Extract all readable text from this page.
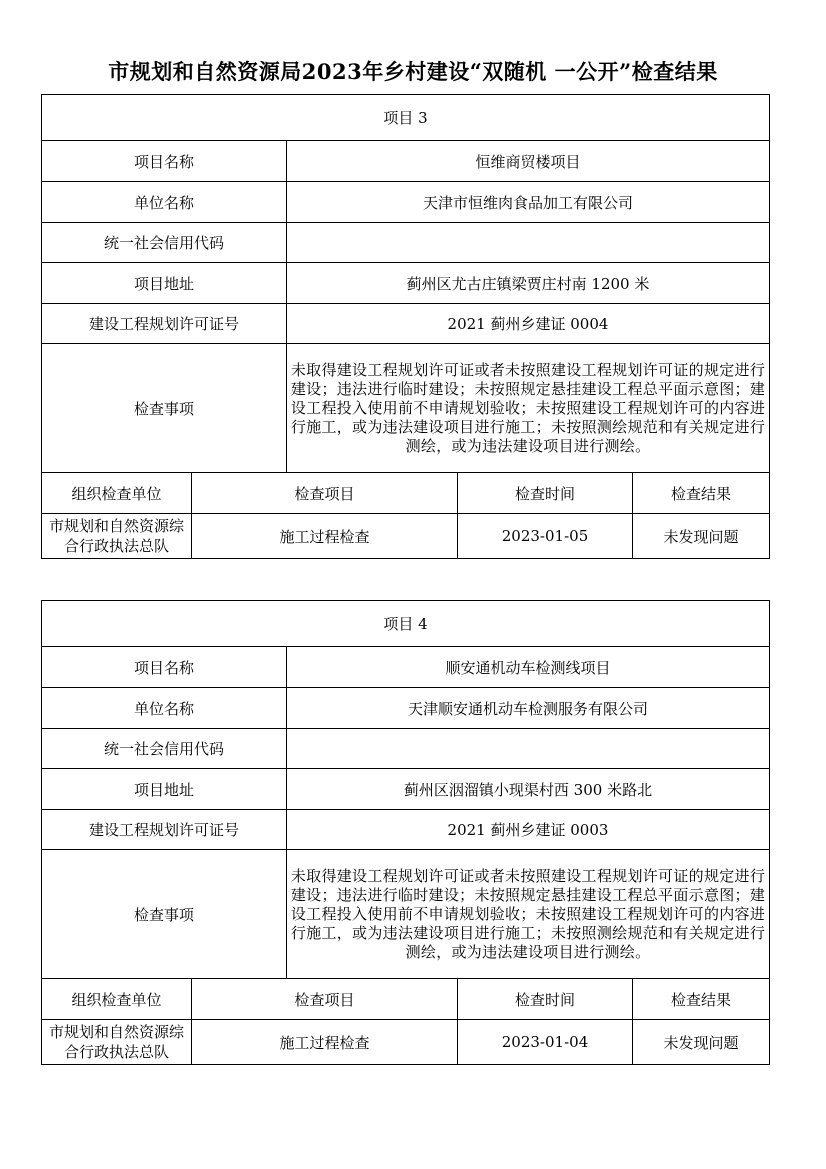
市规划和自然资源局2023年乡村建设“双随机 一公开”检查结果
项目 3				
项目名称		恒维商贸楼项目		
单位名称		天津市恒维肉食品加工有限公司		
统一社会信用代码				
项目地址		蓟州区尤古庄镇梁贾庄村南 1200 米		
建设工程规划许可证号		2021 蓟州乡建证 0004		
检查事项		未取得建设工程规划许可证或者未按照建设工程规划许可证的规定进行建设；违法进行临时建设；未按照规定悬挂建设工程总平面示意图；建设工程投入使用前不申请规划验收；未按照建设工程规划许可的内容进行施工，或为违法建设项目进行施工；未按照测绘规范和有关规定进行测绘，或为违法建设项目进行测绘。		
组织检查单位	检查项目		检查时间	检查结果
市规划和自然资源综合行政执法总队	施工过程检查		2023-01-05	未发现问题
项目 4				
项目名称		顺安通机动车检测线项目		
单位名称		天津顺安通机动车检测服务有限公司		
统一社会信用代码				
项目地址		蓟州区洇溜镇小现渠村西 300 米路北		
建设工程规划许可证号		2021 蓟州乡建证 0003		
检查事项		未取得建设工程规划许可证或者未按照建设工程规划许可证的规定进行建设；违法进行临时建设；未按照规定悬挂建设工程总平面示意图；建设工程投入使用前不申请规划验收；未按照建设工程规划许可的内容进行施工，或为违法建设项目进行施工；未按照测绘规范和有关规定进行测绘，或为违法建设项目进行测绘。		
组织检查单位	检查项目		检查时间	检查结果
市规划和自然资源综合行政执法总队	施工过程检查		2023-01-04	未发现问题
